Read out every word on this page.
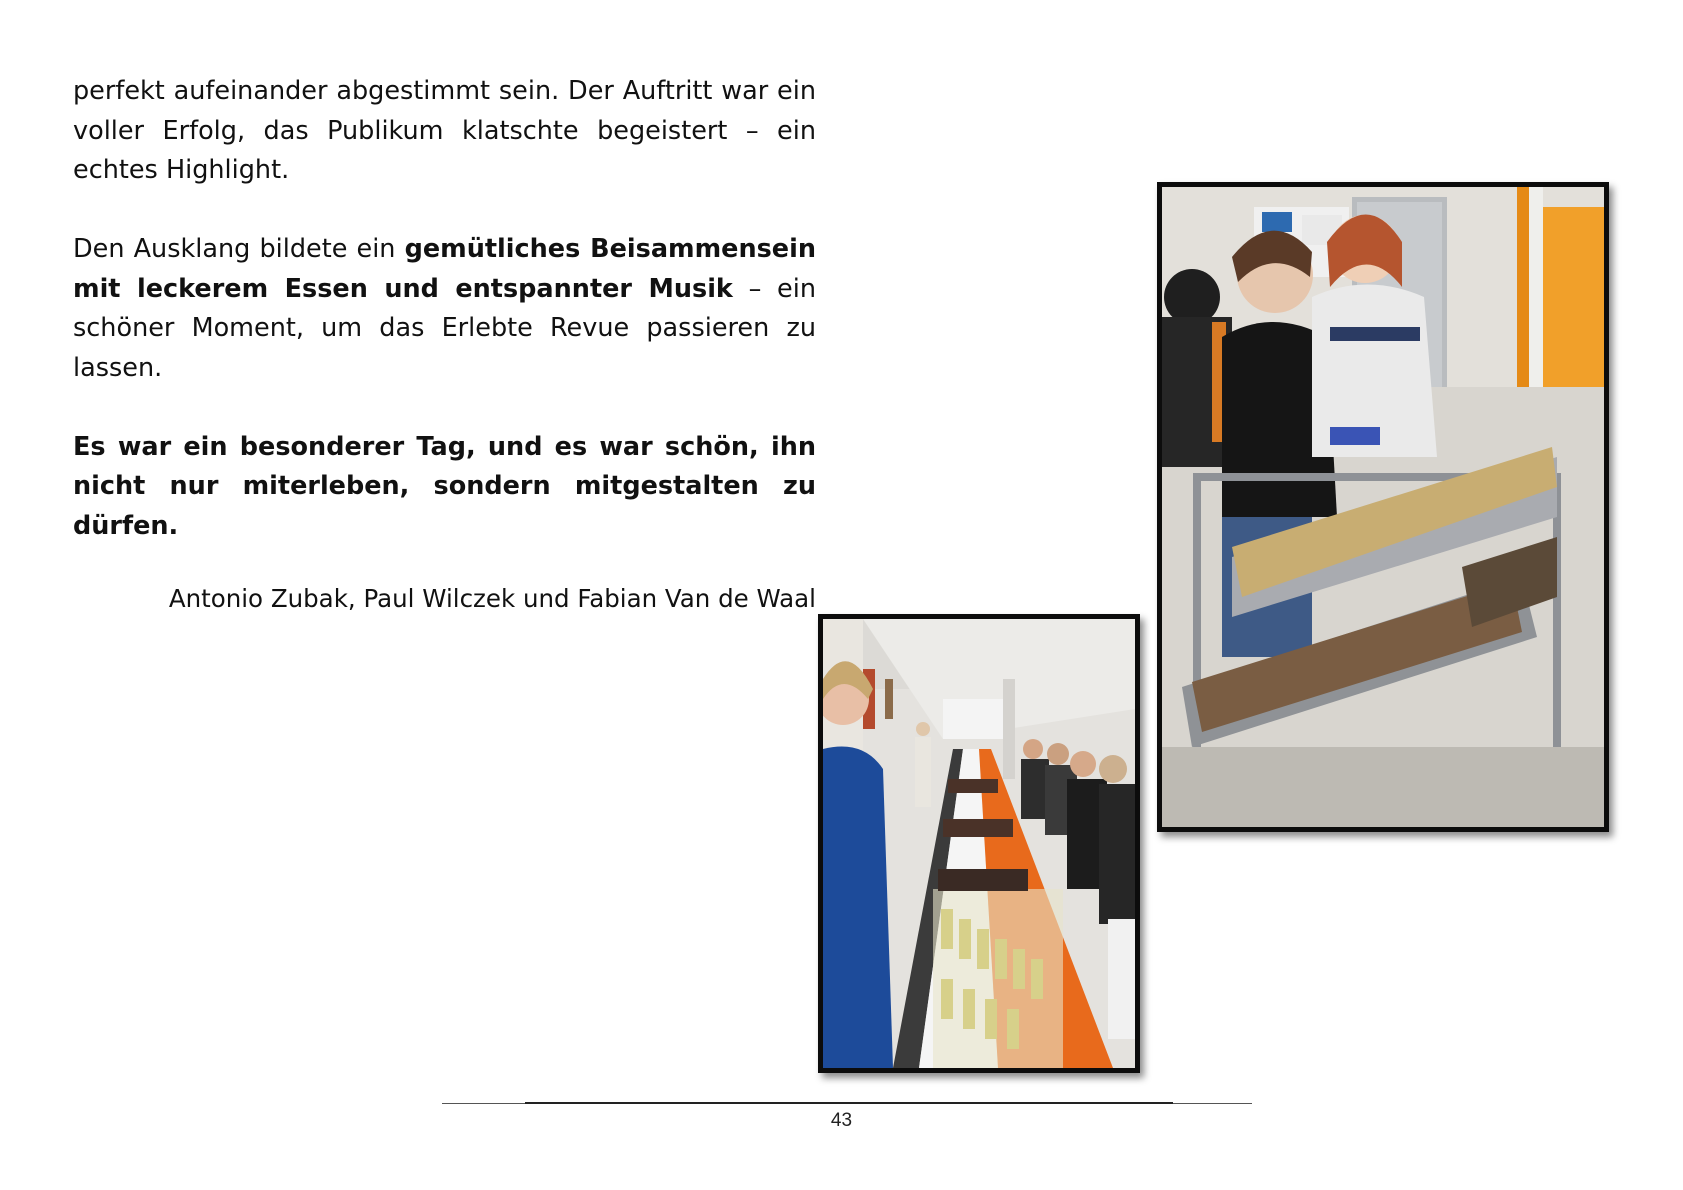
perfekt aufeinander abgestimmt sein. Der Auftritt war ein voller Erfolg, das Publikum klatschte begeistert – ein echtes Highlight.

Den Ausklang bildete ein gemütliches Beisammensein mit leckerem Essen und entspannter Musik – ein schöner Moment, um das Erlebte Revue passieren zu lassen.

Es war ein besonderer Tag, und es war schön, ihn nicht nur miterleben, sondern mitgestalten zu dürfen.

Antonio Zubak, Paul Wilczek und Fabian Van de Waal

43
